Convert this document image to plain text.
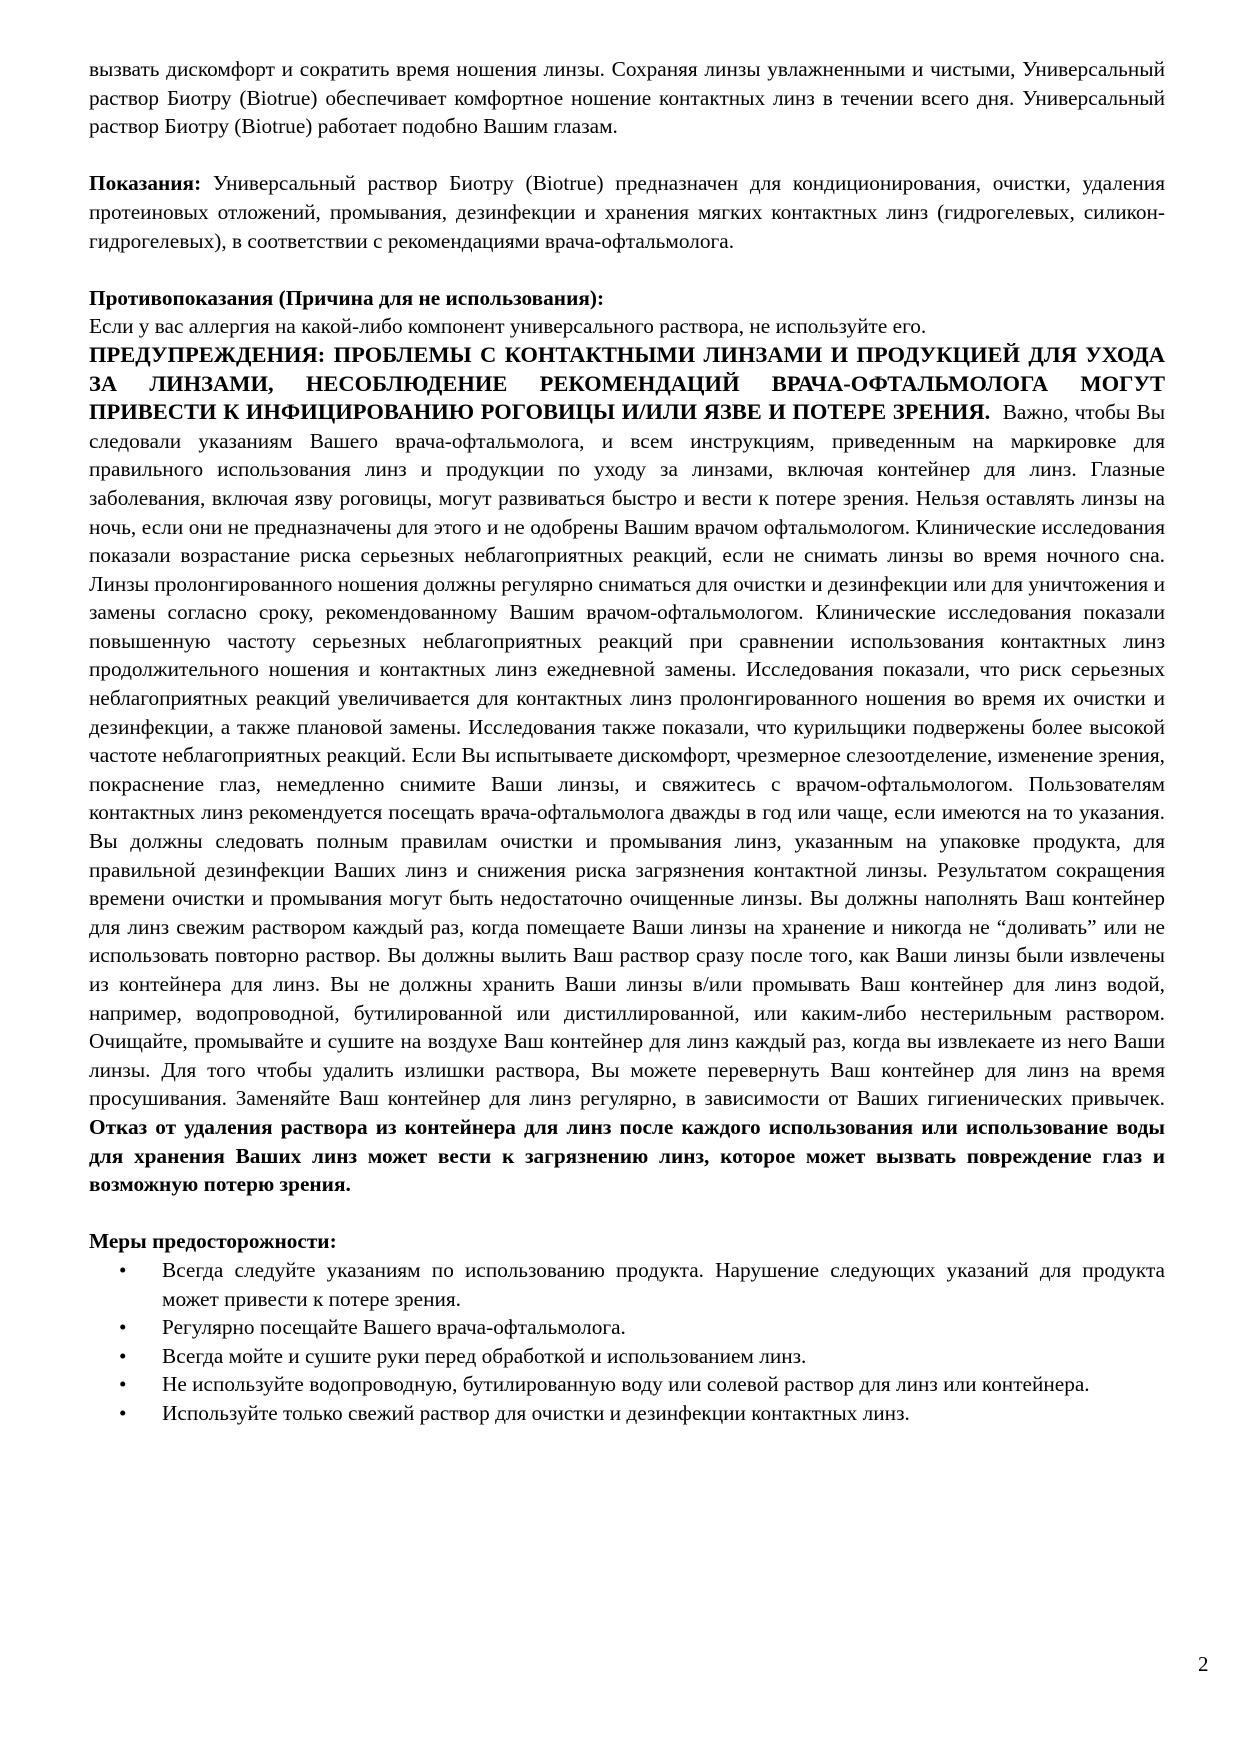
вызвать дискомфорт и сократить время ношения линзы. Сохраняя линзы увлажненными и чистыми, Универсальный раствор Биотру (Biotrue) обеспечивает комфортное ношение контактных линз в течении всего дня. Универсальный раствор Биотру (Biotrue) работает подобно Вашим глазам.

Показания: Универсальный раствор Биотру (Biotrue) предназначен для кондиционирования, очистки, удаления протеиновых отложений, промывания, дезинфекции и хранения мягких контактных линз (гидрогелевых, силикон-гидрогелевых), в соответствии с рекомендациями врача-офтальмолога.

Противопоказания (Причина для не использования):

Если у вас аллергия на какой-либо компонент универсального раствора, не используйте его.

ПРЕДУПРЕЖДЕНИЯ: ПРОБЛЕМЫ С КОНТАКТНЫМИ ЛИНЗАМИ И ПРОДУКЦИЕЙ ДЛЯ УХОДА ЗА ЛИНЗАМИ, НЕСОБЛЮДЕНИЕ РЕКОМЕНДАЦИЙ ВРАЧА-ОФТАЛЬМОЛОГА МОГУТ ПРИВЕСТИ К ИНФИЦИРОВАНИЮ РОГОВИЦЫ И/ИЛИ ЯЗВЕ И ПОТЕРЕ ЗРЕНИЯ.  Важно, чтобы Вы следовали указаниям Вашего врача-офтальмолога, и всем инструкциям, приведенным на маркировке для правильного использования линз и продукции по уходу за линзами, включая контейнер для линз. Глазные заболевания, включая язву роговицы, могут развиваться быстро и вести к потере зрения. Нельзя оставлять линзы на ночь, если они не предназначены для этого и не одобрены Вашим врачом офтальмологом. Клинические исследования показали возрастание риска серьезных неблагоприятных реакций, если не снимать линзы во время ночного сна. Линзы пролонгированного ношения должны регулярно сниматься для очистки и дезинфекции или для уничтожения и замены согласно сроку, рекомендованному Вашим врачом-офтальмологом. Клинические исследования показали повышенную частоту серьезных неблагоприятных реакций при сравнении использования контактных линз продолжительного ношения и контактных линз ежедневной замены. Исследования показали, что риск серьезных неблагоприятных реакций увеличивается для контактных линз пролонгированного ношения во время их очистки и дезинфекции, а также плановой замены. Исследования также показали, что курильщики подвержены более высокой частоте неблагоприятных реакций. Если Вы испытываете дискомфорт, чрезмерное слезоотделение, изменение зрения, покраснение глаз, немедленно снимите Ваши линзы, и свяжитесь с врачом-офтальмологом. Пользователям контактных линз рекомендуется посещать врача-офтальмолога дважды в год или чаще, если имеются на то указания. Вы должны следовать полным правилам очистки и промывания линз, указанным на упаковке продукта, для правильной дезинфекции Ваших линз и снижения риска загрязнения контактной линзы. Результатом сокращения времени очистки и промывания могут быть недостаточно очищенные линзы. Вы должны наполнять Ваш контейнер для линз свежим раствором каждый раз, когда помещаете Ваши линзы на хранение и никогда не “доливать” или не использовать повторно раствор. Вы должны вылить Ваш раствор сразу после того, как Ваши линзы были извлечены из контейнера для линз. Вы не должны хранить Ваши линзы в/или промывать Ваш контейнер для линз водой, например, водопроводной, бутилированной или дистиллированной, или каким-либо нестерильным раствором. Очищайте, промывайте и сушите на воздухе Ваш контейнер для линз каждый раз, когда вы извлекаете из него Ваши линзы. Для того чтобы удалить излишки раствора, Вы можете перевернуть Ваш контейнер для линз на время просушивания. Заменяйте Ваш контейнер для линз регулярно, в зависимости от Ваших гигиенических привычек. Отказ от удаления раствора из контейнера для линз после каждого использования или использование воды для хранения Ваших линз может вести к загрязнению линз, которое может вызвать повреждение глаз и возможную потерю зрения.

Меры предосторожности:

• Всегда следуйте указаниям по использованию продукта. Нарушение следующих указаний для продукта может привести к потере зрения.
• Регулярно посещайте Вашего врача-офтальмолога.
• Всегда мойте и сушите руки перед обработкой и использованием линз.
• Не используйте водопроводную, бутилированную воду или солевой раствор для линз или контейнера.
• Используйте только свежий раствор для очистки и дезинфекции контактных линз.
2
